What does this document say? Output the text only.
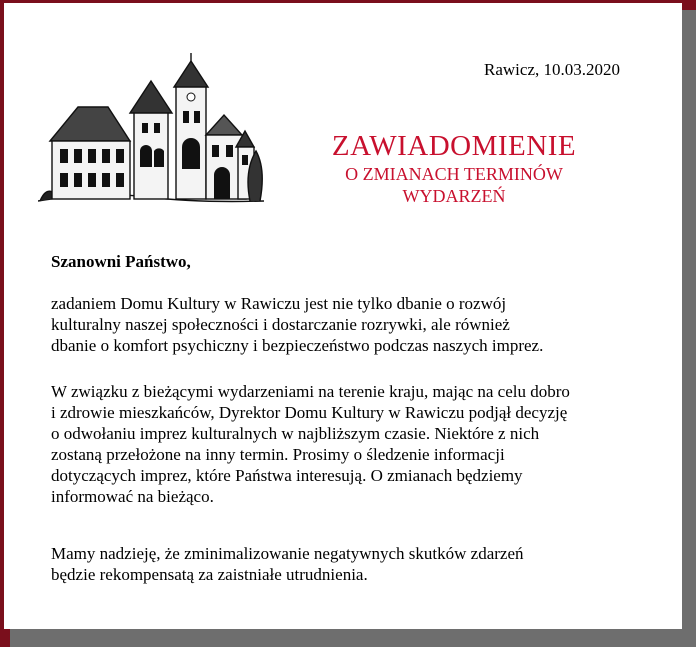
Rawicz, 10.03.2020
ZAWIADOMIENIE
O ZMIANACH TERMINÓW
WYDARZEŃ
Szanowni Państwo,

zadaniem Domu Kultury w Rawiczu jest nie tylko dbanie o rozwój
kulturalny naszej społeczności i dostarczanie rozrywki, ale również
dbanie o komfort psychiczny i bezpieczeństwo podczas naszych imprez.

W związku z bieżącymi wydarzeniami na terenie kraju, mając na celu dobro
i zdrowie mieszkańców, Dyrektor Domu Kultury w Rawiczu podjął decyzję
o odwołaniu imprez kulturalnych w najbliższym czasie. Niektóre z nich
zostaną przełożone na inny termin. Prosimy o śledzenie informacji
dotyczących imprez, które Państwa interesują. O zmianach będziemy
informować na bieżąco.

Mamy nadzieję, że zminimalizowanie negatywnych skutków zdarzeń
będzie rekompensatą za zaistniałe utrudnienia.
